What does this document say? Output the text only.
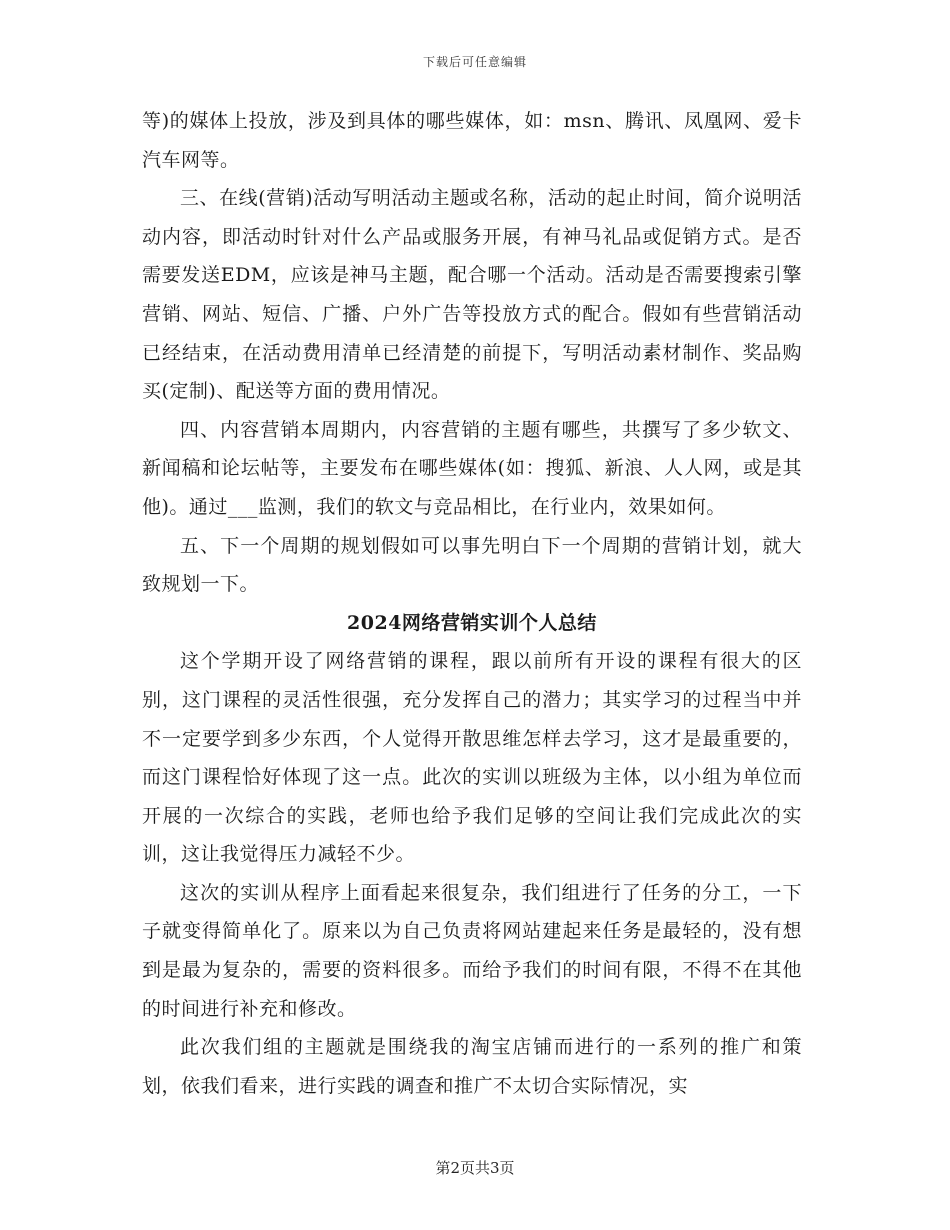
下载后可任意编辑

等)的媒体上投放，涉及到具体的哪些媒体，如：msn、腾讯、凤凰网、爱卡汽车网等。

三、在线(营销)活动写明活动主题或名称，活动的起止时间，简介说明活动内容，即活动时针对什么产品或服务开展，有神马礼品或促销方式。是否需要发送EDM，应该是神马主题，配合哪一个活动。活动是否需要搜索引擎营销、网站、短信、广播、户外广告等投放方式的配合。假如有些营销活动已经结束，在活动费用清单已经清楚的前提下，写明活动素材制作、奖品购买(定制)、配送等方面的费用情况。

四、内容营销本周期内，内容营销的主题有哪些，共撰写了多少软文、新闻稿和论坛帖等，主要发布在哪些媒体(如：搜狐、新浪、人人网，或是其他)。通过___监测，我们的软文与竞品相比，在行业内，效果如何。

五、下一个周期的规划假如可以事先明白下一个周期的营销计划，就大致规划一下。

2024网络营销实训个人总结

这个学期开设了网络营销的课程，跟以前所有开设的课程有很大的区别，这门课程的灵活性很强，充分发挥自己的潜力；其实学习的过程当中并不一定要学到多少东西，个人觉得开散思维怎样去学习，这才是最重要的，而这门课程恰好体现了这一点。此次的实训以班级为主体，以小组为单位而开展的一次综合的实践，老师也给予我们足够的空间让我们完成此次的实训，这让我觉得压力减轻不少。

这次的实训从程序上面看起来很复杂，我们组进行了任务的分工，一下子就变得简单化了。原来以为自己负责将网站建起来任务是最轻的，没有想到是最为复杂的，需要的资料很多。而给予我们的时间有限，不得不在其他的时间进行补充和修改。

此次我们组的主题就是围绕我的淘宝店铺而进行的一系列的推广和策划，依我们看来，进行实践的调查和推广不太切合实际情况，实

第2页共3页
